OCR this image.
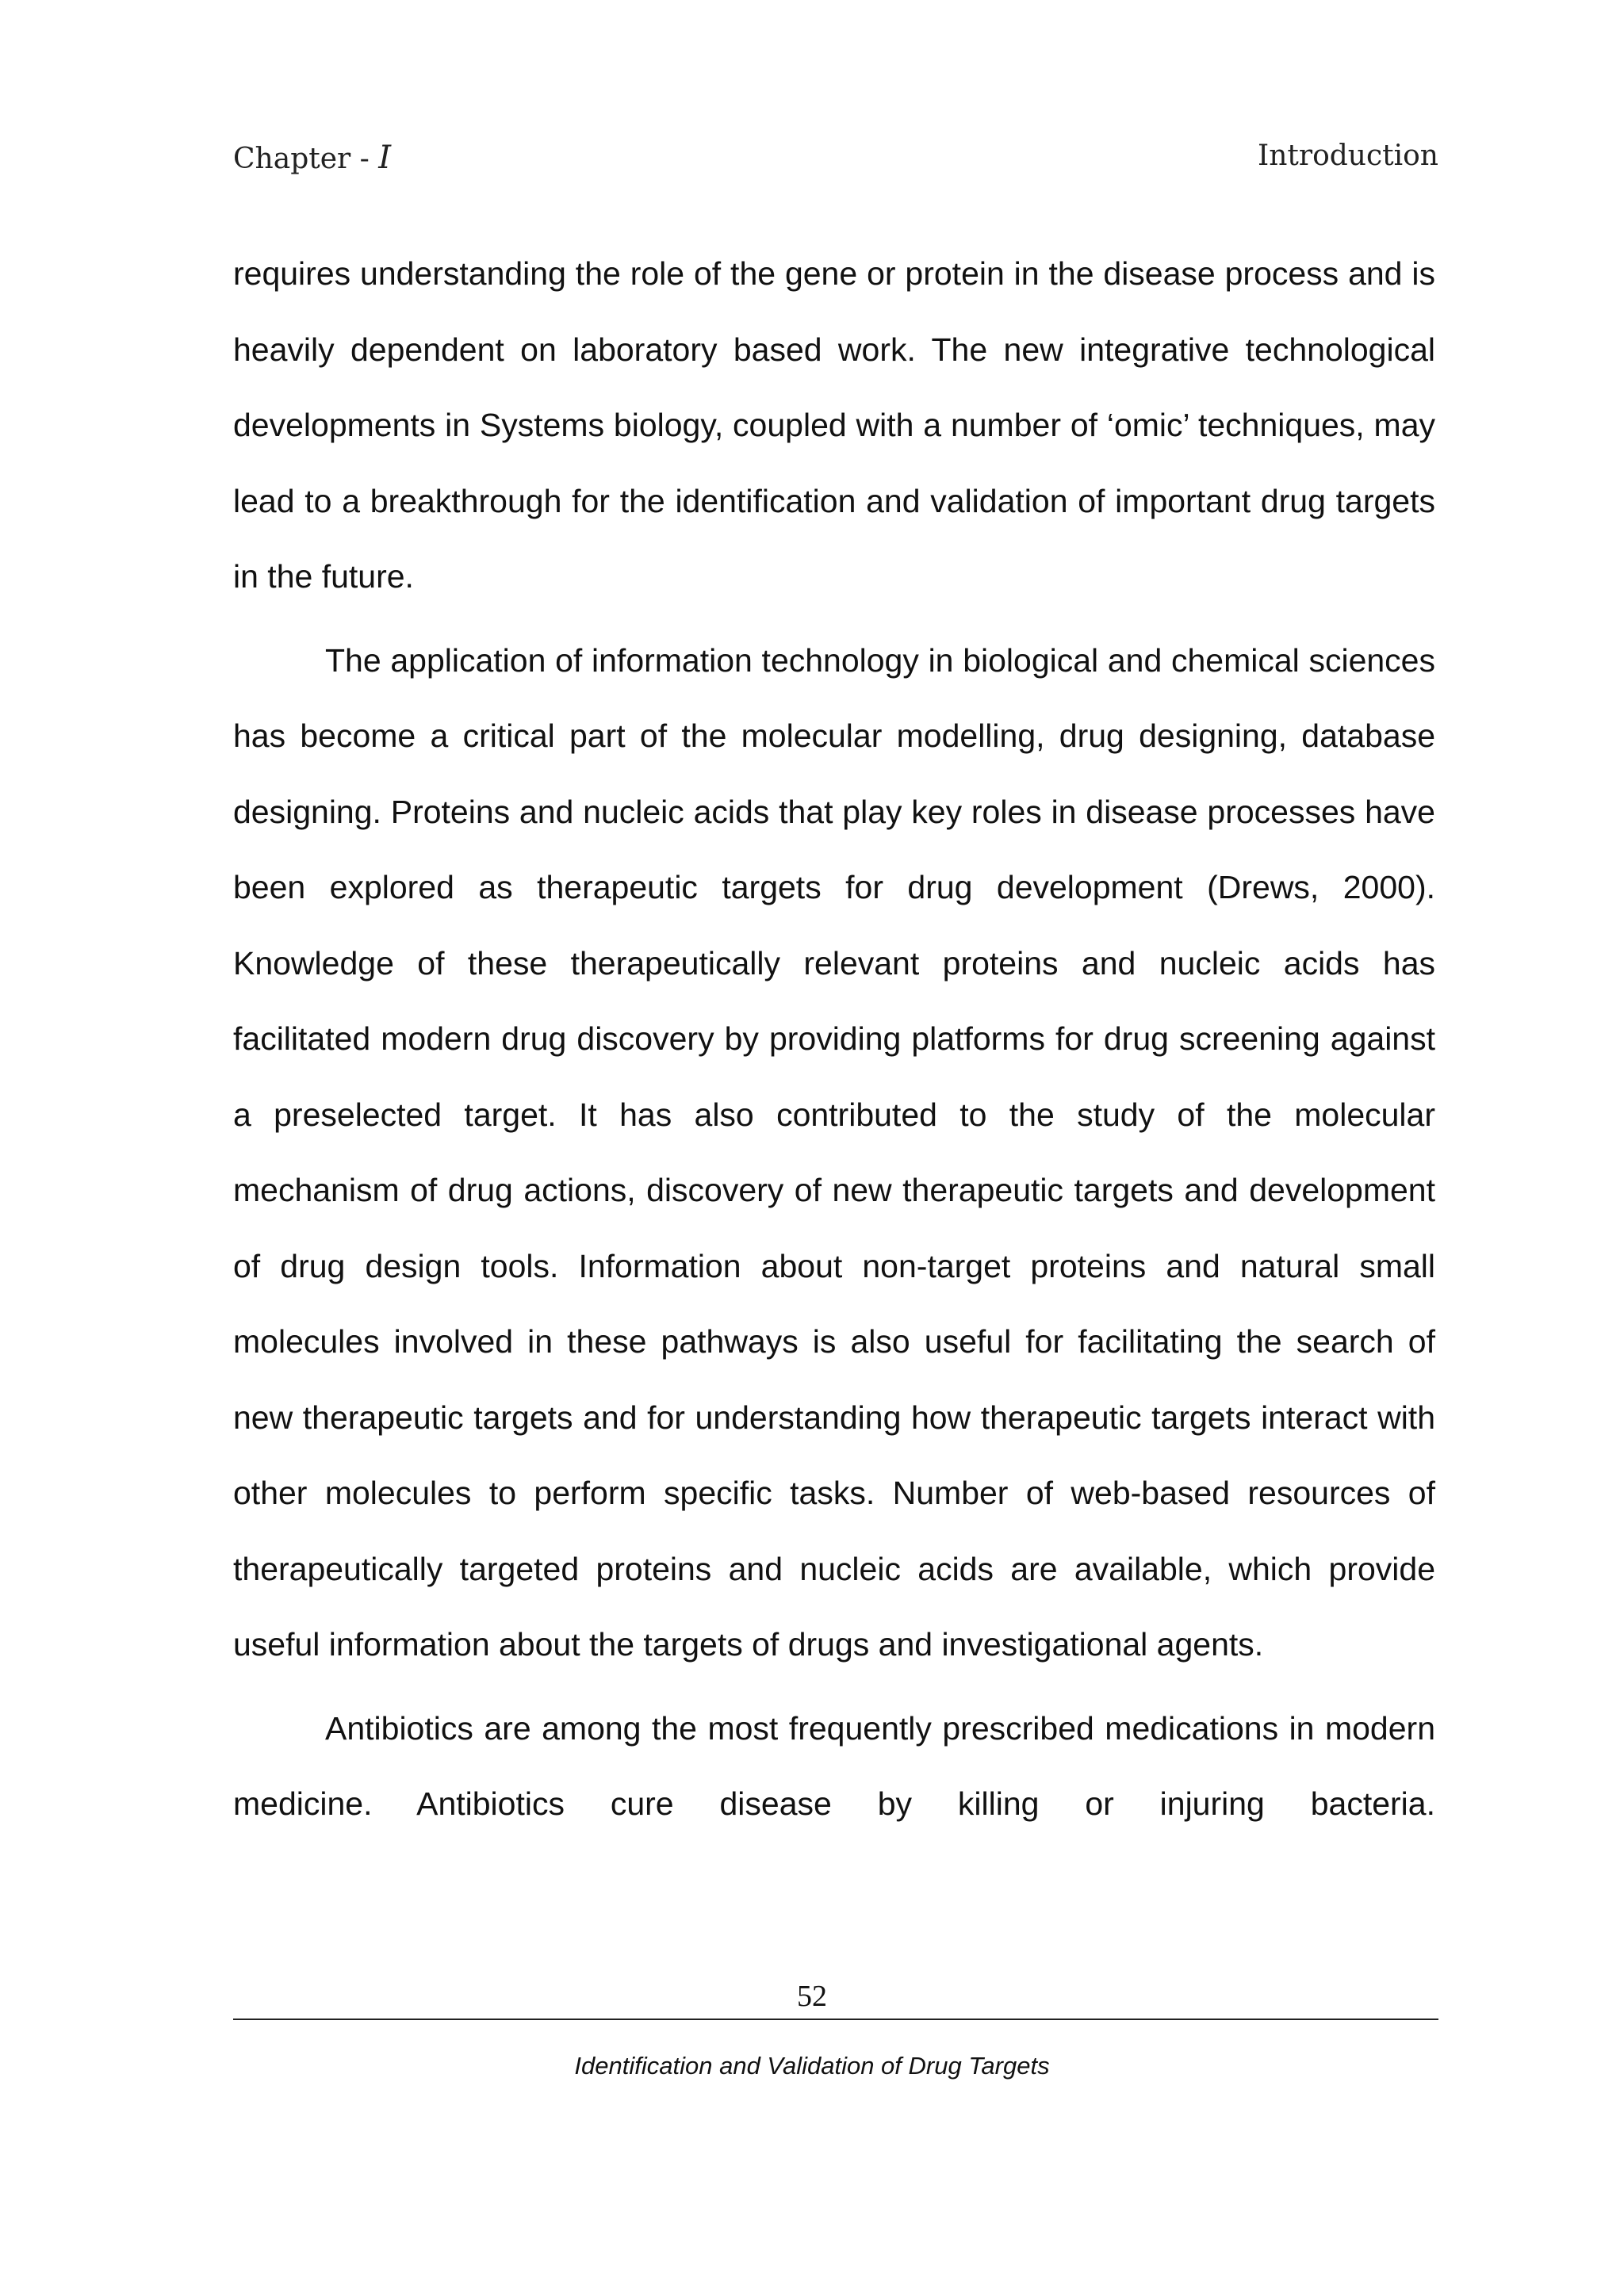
Chapter - I	Introduction

requires understanding the role of the gene or protein in the disease process and is heavily dependent on laboratory based work. The new integrative technological developments in Systems biology, coupled with a number of ‘omic’ techniques, may lead to a breakthrough for the identification and validation of important drug targets in the future.

The application of information technology in biological and chemical sciences has become a critical part of the molecular modelling, drug designing, database designing. Proteins and nucleic acids that play key roles in disease processes have been explored as therapeutic targets for drug development (Drews, 2000). Knowledge of these therapeutically relevant proteins and nucleic acids has facilitated modern drug discovery by providing platforms for drug screening against a preselected target. It has also contributed to the study of the molecular mechanism of drug actions, discovery of new therapeutic targets and development of drug design tools. Information about non-target proteins and natural small molecules involved in these pathways is also useful for facilitating the search of new therapeutic targets and for understanding how therapeutic targets interact with other molecules to perform specific tasks. Number of web-based resources of therapeutically targeted proteins and nucleic acids are available, which provide useful information about the targets of drugs and investigational agents.

Antibiotics are among the most frequently prescribed medications in modern medicine. Antibiotics cure disease by killing or injuring bacteria.

52
Identification and Validation of Drug Targets
